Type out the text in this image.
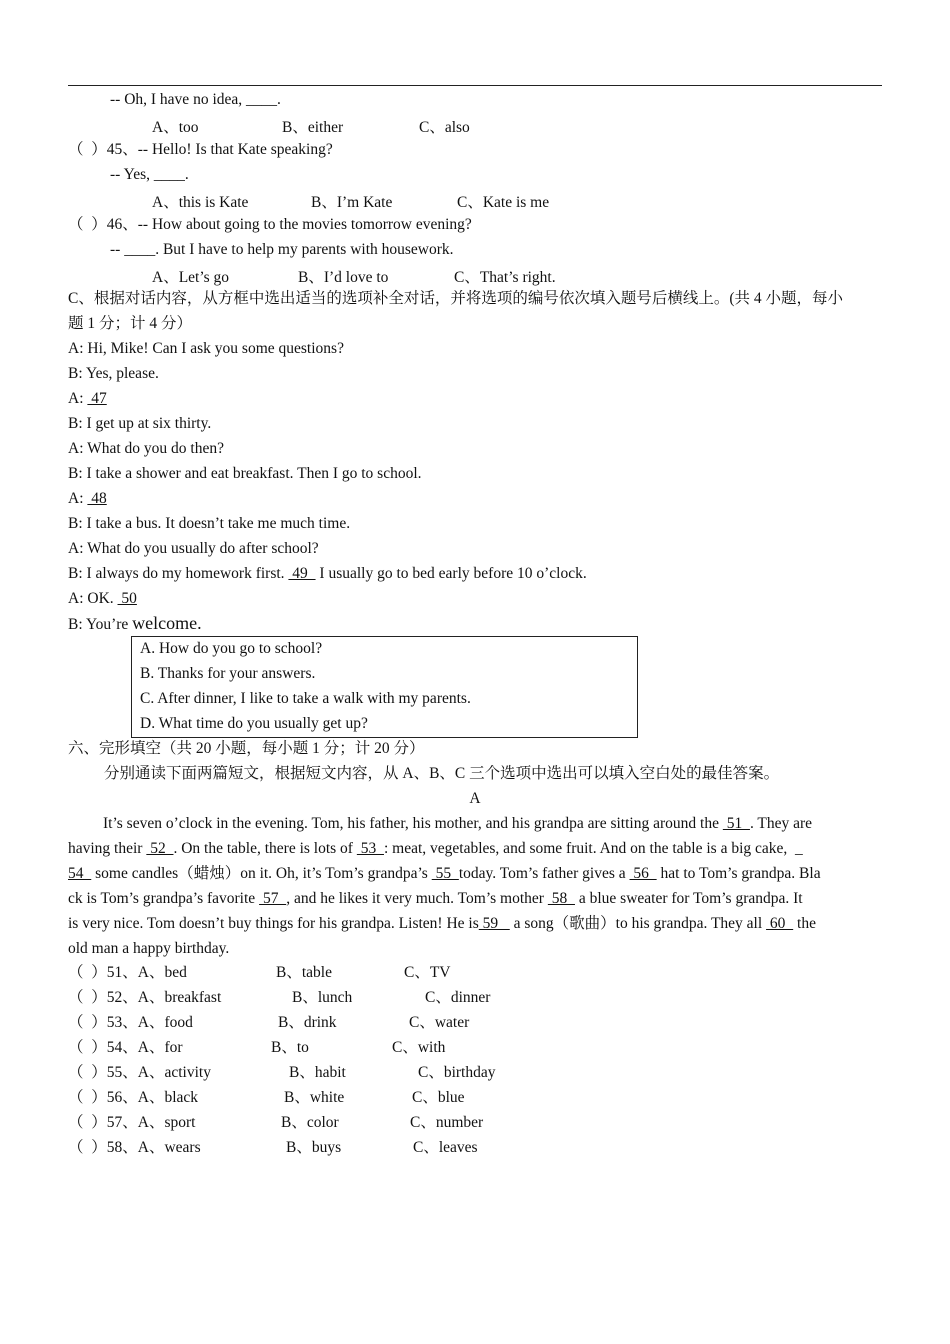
-- Oh, I have no idea, ____.
A、too	B、either	C、also
（  ）45、-- Hello! Is that Kate speaking?
-- Yes, ____.
A、this is Kate	B、I’m Kate	C、Kate is me
（  ）46、-- How about going to the movies tomorrow evening?
-- ____. But I have to help my parents with housework.
A、Let’s go	B、I’d love to	C、That’s right.
C、根据对话内容，从方框中选出适当的选项补全对话，并将选项的编号依次填入题号后横线上。(共 4 小题，每小
题 1 分；计 4 分）
A: Hi, Mike! Can I ask you some questions?
B: Yes, please.
A:  47
B: I get up at six thirty.
A: What do you do then?
B: I take a shower and eat breakfast. Then I go to school.
A:  48
B: I take a bus. It doesn’t take me much time.
A: What do you usually do after school?
B: I always do my homework first.  49   I usually go to bed early before 10 o’clock.
A: OK.  50
B: You’re welcome.
A. How do you go to school?
B. Thanks for your answers.
C. After dinner, I like to take a walk with my parents.
D. What time do you usually get up?
六、完形填空（共 20 小题，每小题 1 分；计 20 分）
分别通读下面两篇短文，根据短文内容，从 A、B、C 三个选项中选出可以填入空白处的最佳答案。
A
It’s seven o’clock in the evening. Tom, his father, his mother, and his grandpa are sitting around the  51  . They are
having their  52  . On the table, there is lots of  53  : meat, vegetables, and some fruit. And on the table is a big cake,  _
54   some candles（蜡烛）on it. Oh, it’s Tom’s grandpa’s  55  today. Tom’s father gives a  56   hat to Tom’s grandpa. Bla
ck is Tom’s grandpa’s favorite  57  , and he likes it very much. Tom’s mother  58   a blue sweater for Tom’s grandpa. It
is very nice. Tom doesn’t buy things for his grandpa. Listen! He is 59    a song（歌曲）to his grandpa. They all  60   the
old man a happy birthday.
（  ）51、A、bed	B、table	C、TV
（  ）52、A、breakfast	B、lunch	C、dinner
（  ）53、A、food	B、drink	C、water
（  ）54、A、for	B、to	C、with
（  ）55、A、activity	B、habit	C、birthday
（  ）56、A、black	B、white	C、blue
（  ）57、A、sport	B、color	C、number
（  ）58、A、wears	B、buys	C、leaves
